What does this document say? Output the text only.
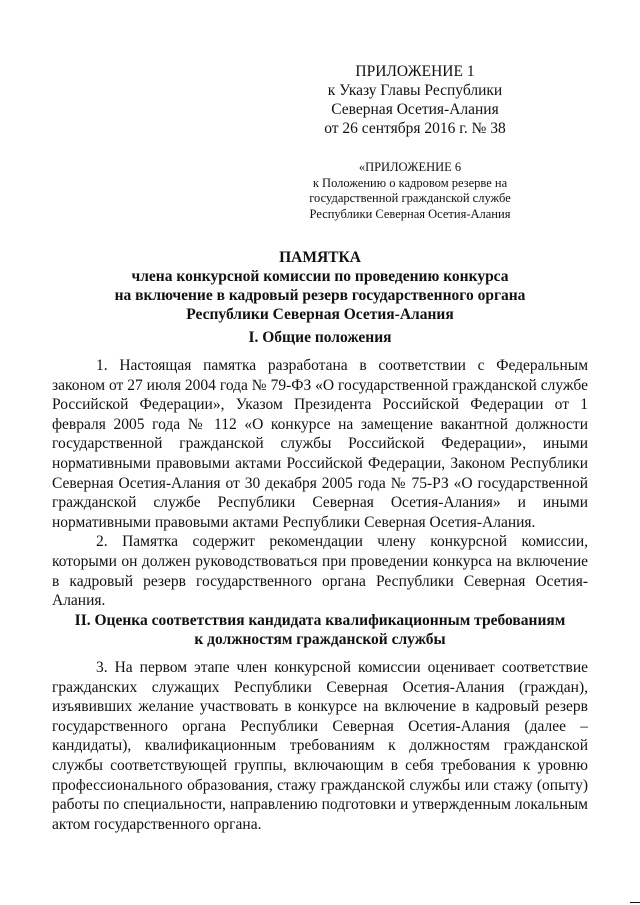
ПРИЛОЖЕНИЕ 1
к Указу Главы Республики
Северная Осетия-Алания
от 26 сентября 2016 г. № 38
«ПРИЛОЖЕНИЕ 6
к Положению о кадровом резерве на
государственной гражданской службе
Республики Северная Осетия-Алания
ПАМЯТКА
члена конкурсной комиссии по проведению конкурса
на включение в кадровый резерв государственного органа
Республики Северная Осетия-Алания
I. Общие положения

1. Настоящая памятка разработана в соответствии с Федеральным законом от 27 июля 2004 года № 79-ФЗ «О государственной гражданской службе Российской Федерации», Указом Президента Российской Федерации от 1 февраля 2005 года № 112 «О конкурсе на замещение вакантной должности государственной гражданской службы Российской Федерации», иными нормативными правовыми актами Российской Федерации, Законом Республики Северная Осетия-Алания от 30 декабря 2005 года № 75-РЗ «О государственной гражданской службе Республики Северная Осетия-Алания» и иными нормативными правовыми актами Республики Северная Осетия-Алания.

2. Памятка содержит рекомендации члену конкурсной комиссии, которыми он должен руководствоваться при проведении конкурса на включение в кадровый резерв государственного органа Республики Северная Осетия-Алания.

II. Оценка соответствия кандидата квалификационным требованиям
к должностям гражданской службы

3. На первом этапе член конкурсной комиссии оценивает соответствие гражданских служащих Республики Северная Осетия-Алания (граждан), изъявивших желание участвовать в конкурсе на включение в кадровый резерв государственного органа Республики Северная Осетия-Алания (далее – кандидаты), квалификационным требованиям к должностям гражданской службы соответствующей группы, включающим в себя требования к уровню профессионального образования, стажу гражданской службы или стажу (опыту) работы по специальности, направлению подготовки и утвержденным локальным актом государственного органа.
